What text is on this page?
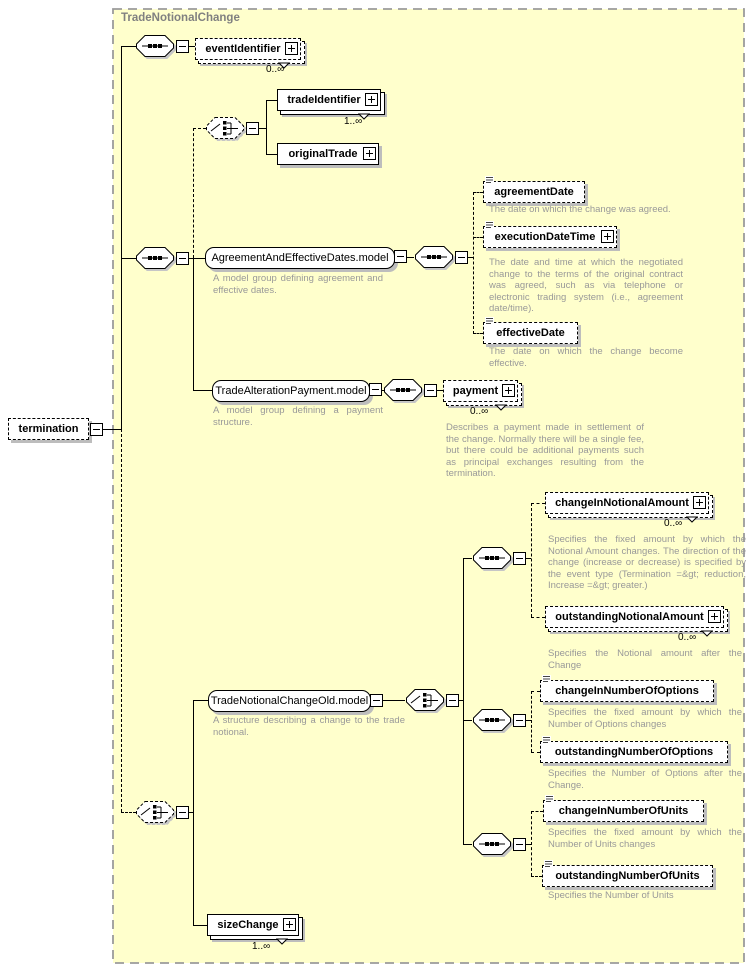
TradeNotionalChange
termination
eventIdentifier
0..∞
tradeIdentifier
1..∞
originalTrade
agreementDate
The date on which the change was agreed.
executionDateTime
The date and time at which the negotiated change to the terms of the original contract was agreed, such as via telephone or electronic trading system (i.e., agreement date/time).
effectiveDate
The date on which the change become effective.
payment
0..∞
Describes a payment made in settlement of the change. Normally there will be a single fee, but there could be additional payments such as principal exchanges resulting from the termination.
changeInNotionalAmount
0..∞
Specifies the fixed amount by which the Notional Amount changes. The direction of the change (increase or decrease) is specified by the event type (Termination =&gt; reduction, Increase =&gt; greater.)
outstandingNotionalAmount
0..∞
Specifies the Notional amount after the Change
changeInNumberOfOptions
Specifies the fixed amount by which the Number of Options changes
outstandingNumberOfOptions
Specifies the Number of Options after the Change.
changeInNumberOfUnits
Specifies the fixed amount by which the Number of Units changes
outstandingNumberOfUnits
Specifies the Number of Units
sizeChange
1..∞
AgreementAndEffectiveDates.model
A model group defining agreement and effective dates.
TradeAlterationPayment.model
A model group defining a payment structure.
TradeNotionalChangeOld.model
A structure describing a change to the trade notional.
